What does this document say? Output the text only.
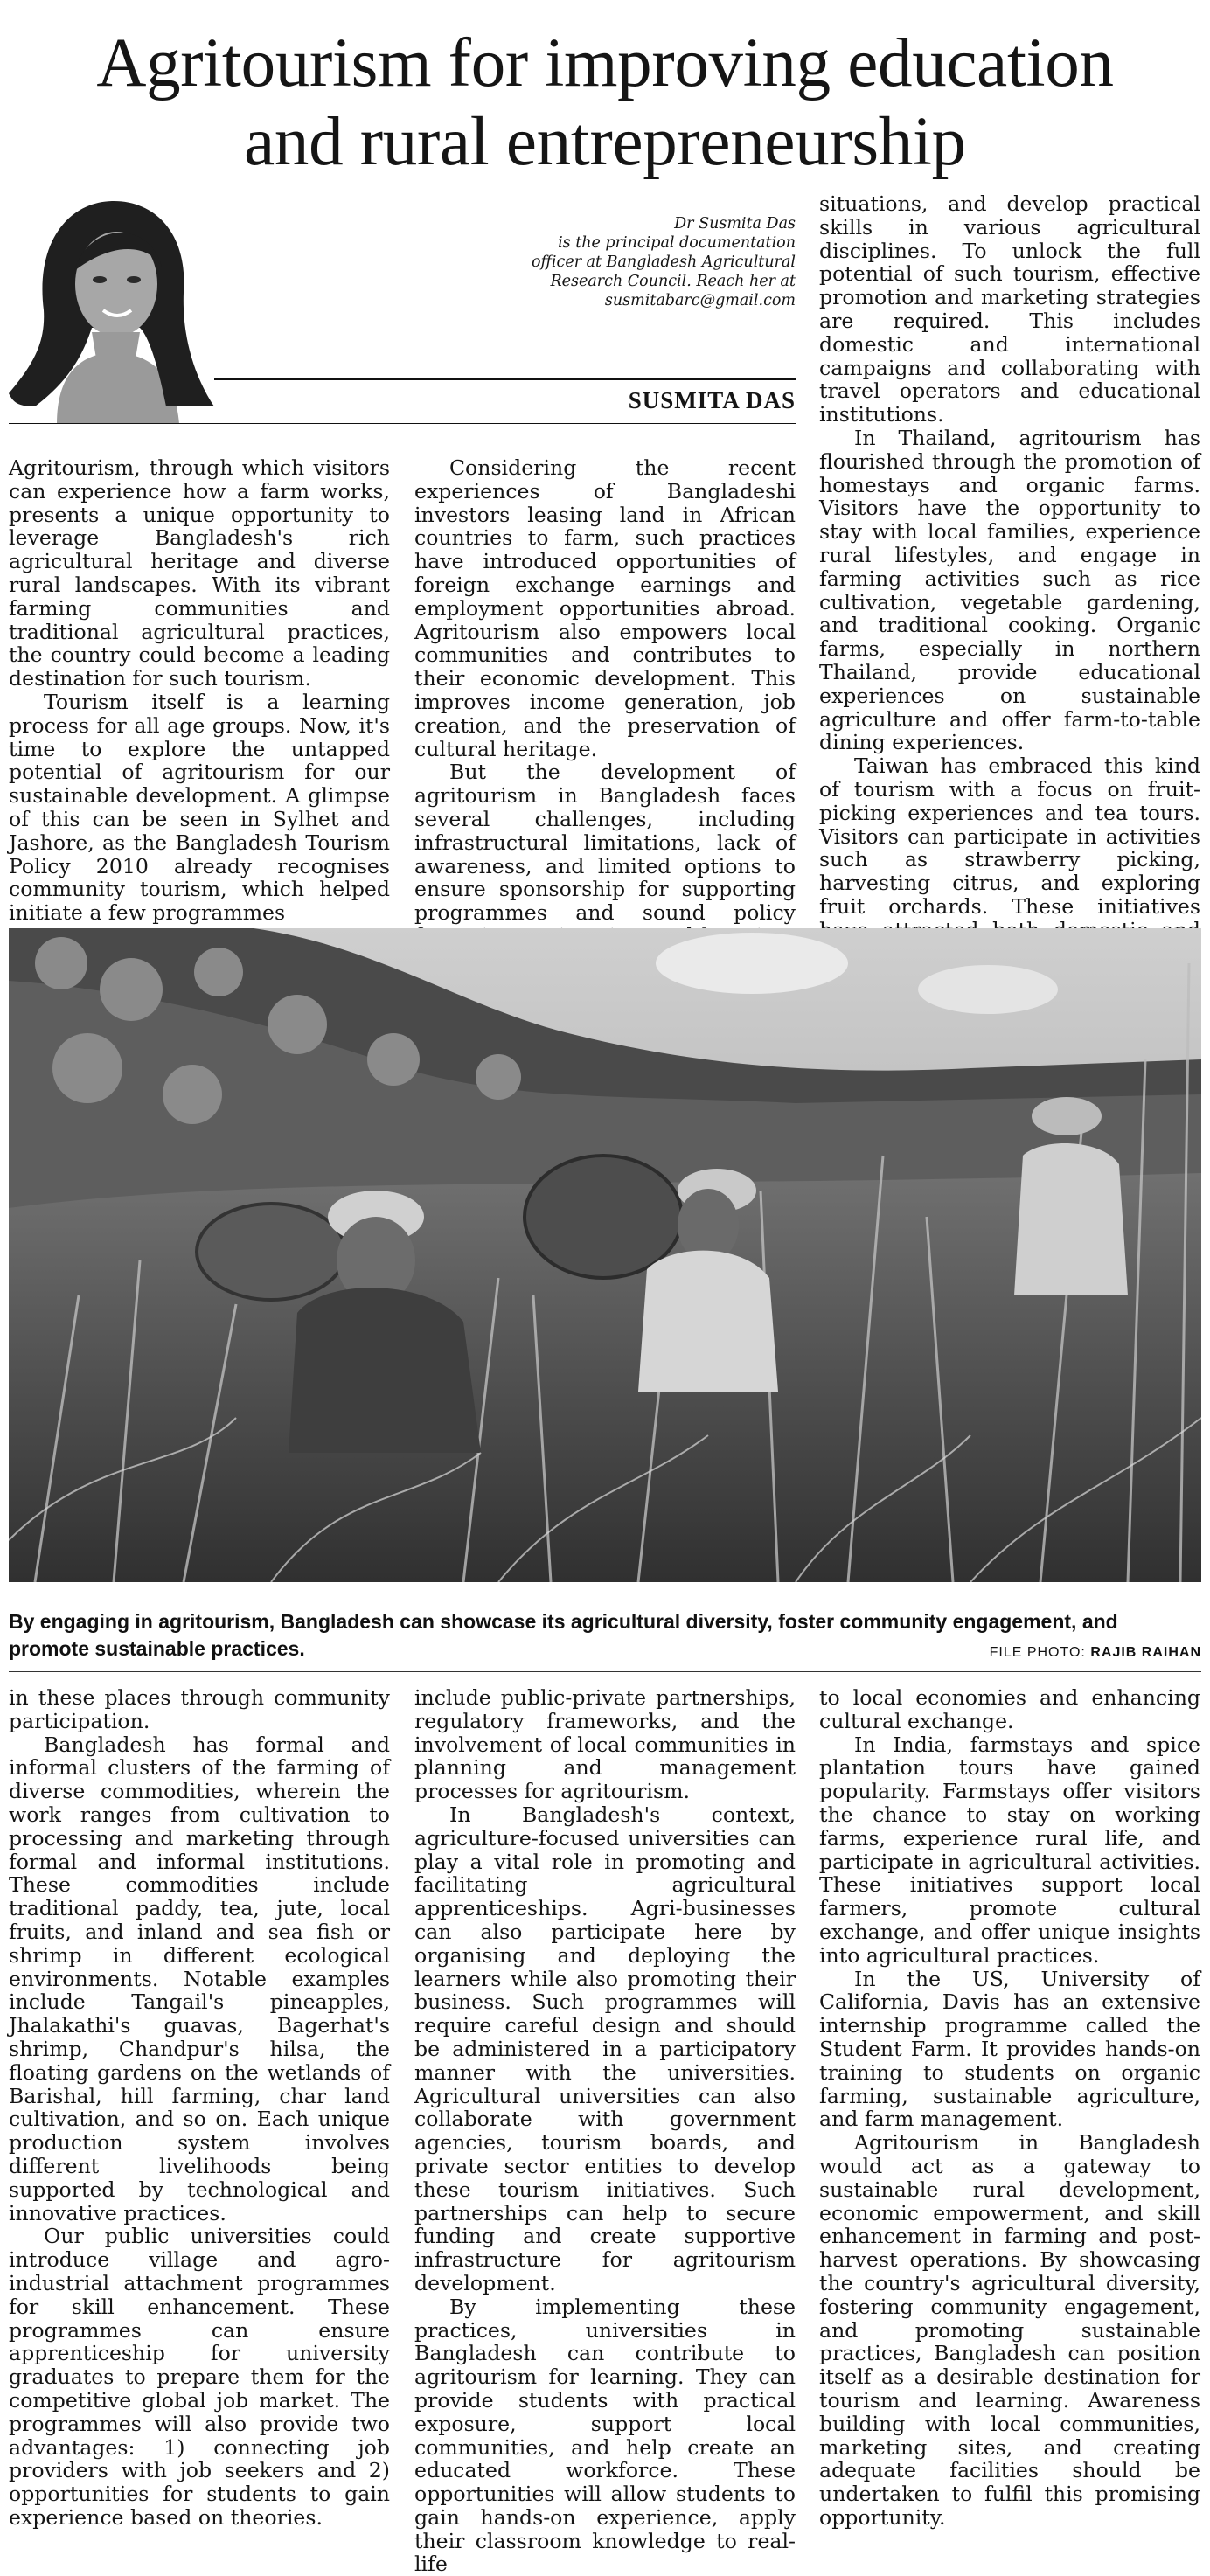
Agritourism for improving education
and rural entrepreneurship
Dr Susmita Das
is the principal documentation
officer at Bangladesh Agricultural
Research Council. Reach her at
susmitabarc@gmail.com
SUSMITA DAS

Agritourism, through which visitors can experience how a farm works, presents a unique opportunity to leverage Bangladesh's rich agricultural heritage and diverse rural landscapes. With its vibrant farming communities and traditional agricultural practices, the country could become a leading destination for such tourism.

Tourism itself is a learning process for all age groups. Now, it's time to explore the untapped potential of agritourism for our sustainable development. A glimpse of this can be seen in Sylhet and Jashore, as the Bangladesh Tourism Policy 2010 already recognises community tourism, which helped initiate a few programmes

Considering the recent experiences of Bangladeshi investors leasing land in African countries to farm, such practices have introduced opportunities of foreign exchange earnings and employment opportunities abroad. Agritourism also empowers local communities and contributes to their economic development. This improves income generation, job creation, and the preservation of cultural heritage.

But the development of agritourism in Bangladesh faces several challenges, including infrastructural limitations, lack of awareness, and limited options to ensure sponsorship for supporting programmes and sound policy

situations, and develop practical skills in various agricultural disciplines. To unlock the full potential of such tourism, effective promotion and marketing strategies are required. This includes domestic and international campaigns and collaborating with travel operators and educational institutions.

In Thailand, agritourism has flourished through the promotion of homestays and organic farms. Visitors have the opportunity to stay with local families, experience rural lifestyles, and engage in farming activities such as rice cultivation, vegetable gardening, and traditional cooking. Organic farms, especially in northern Thailand, provide educational experiences on sustainable agriculture and offer farm-to-table dining experiences.

Taiwan has embraced this kind of tourism with a focus on fruit-picking experiences and tea tours. Visitors can participate in activities such as strawberry picking, harvesting citrus, and exploring fruit orchards. These initiatives

By engaging in agritourism, Bangladesh can showcase its agricultural diversity, foster community engagement, and promote sustainable practices.	FILE PHOTO: RAJIB RAIHAN

in these places through community participation.

Bangladesh has formal and informal clusters of the farming of diverse commodities, wherein the work ranges from cultivation to processing and marketing through formal and informal institutions. These commodities include traditional paddy, tea, jute, local fruits, and inland and sea fish or shrimp in different ecological environments. Notable examples include Tangail's pineapples, Jhalakathi's guavas, Bagerhat's shrimp, Chandpur's hilsa, the floating gardens on the wetlands of Barishal, hill farming, char land cultivation, and so on. Each unique production system involves different livelihoods being supported by technological and innovative practices.

Our public universities could introduce village and agro-industrial attachment programmes for skill enhancement. These programmes can ensure apprenticeship for university graduates to prepare them for the competitive global job market. The programmes will also provide two advantages: 1) connecting job providers with job seekers and 2) opportunities for students to gain experience based on theories.

include public-private partnerships, regulatory frameworks, and the involvement of local communities in planning and management processes for agritourism.

In Bangladesh's context, agriculture-focused universities can play a vital role in promoting and facilitating agricultural apprenticeships. Agri-businesses can also participate here by organising and deploying the learners while also promoting their business. Such programmes will require careful design and should be administered in a participatory manner with the universities. Agricultural universities can also collaborate with government agencies, tourism boards, and private sector entities to develop these tourism initiatives. Such partnerships can help to secure funding and create supportive infrastructure for agritourism development.

By implementing these practices, universities in Bangladesh can contribute to agritourism for learning. They can provide students with practical exposure, support local communities, and help create an educated workforce. These opportunities will allow students to gain hands-on experience, apply their classroom knowledge to real-life

to local economies and enhancing cultural exchange.

In India, farmstays and spice plantation tours have gained popularity. Farmstays offer visitors the chance to stay on working farms, experience rural life, and participate in agricultural activities. These initiatives support local farmers, promote cultural exchange, and offer unique insights into agricultural practices.

In the US, University of California, Davis has an extensive internship programme called the Student Farm. It provides hands-on training to students on organic farming, sustainable agriculture, and farm management.

Agritourism in Bangladesh would act as a gateway to sustainable rural development, economic empowerment, and skill enhancement in farming and post-harvest operations. By showcasing the country's agricultural diversity, fostering community engagement, and promoting sustainable practices, Bangladesh can position itself as a desirable destination for tourism and learning. Awareness building with local communities, marketing sites, and creating adequate facilities should be undertaken to fulfil this promising opportunity.
